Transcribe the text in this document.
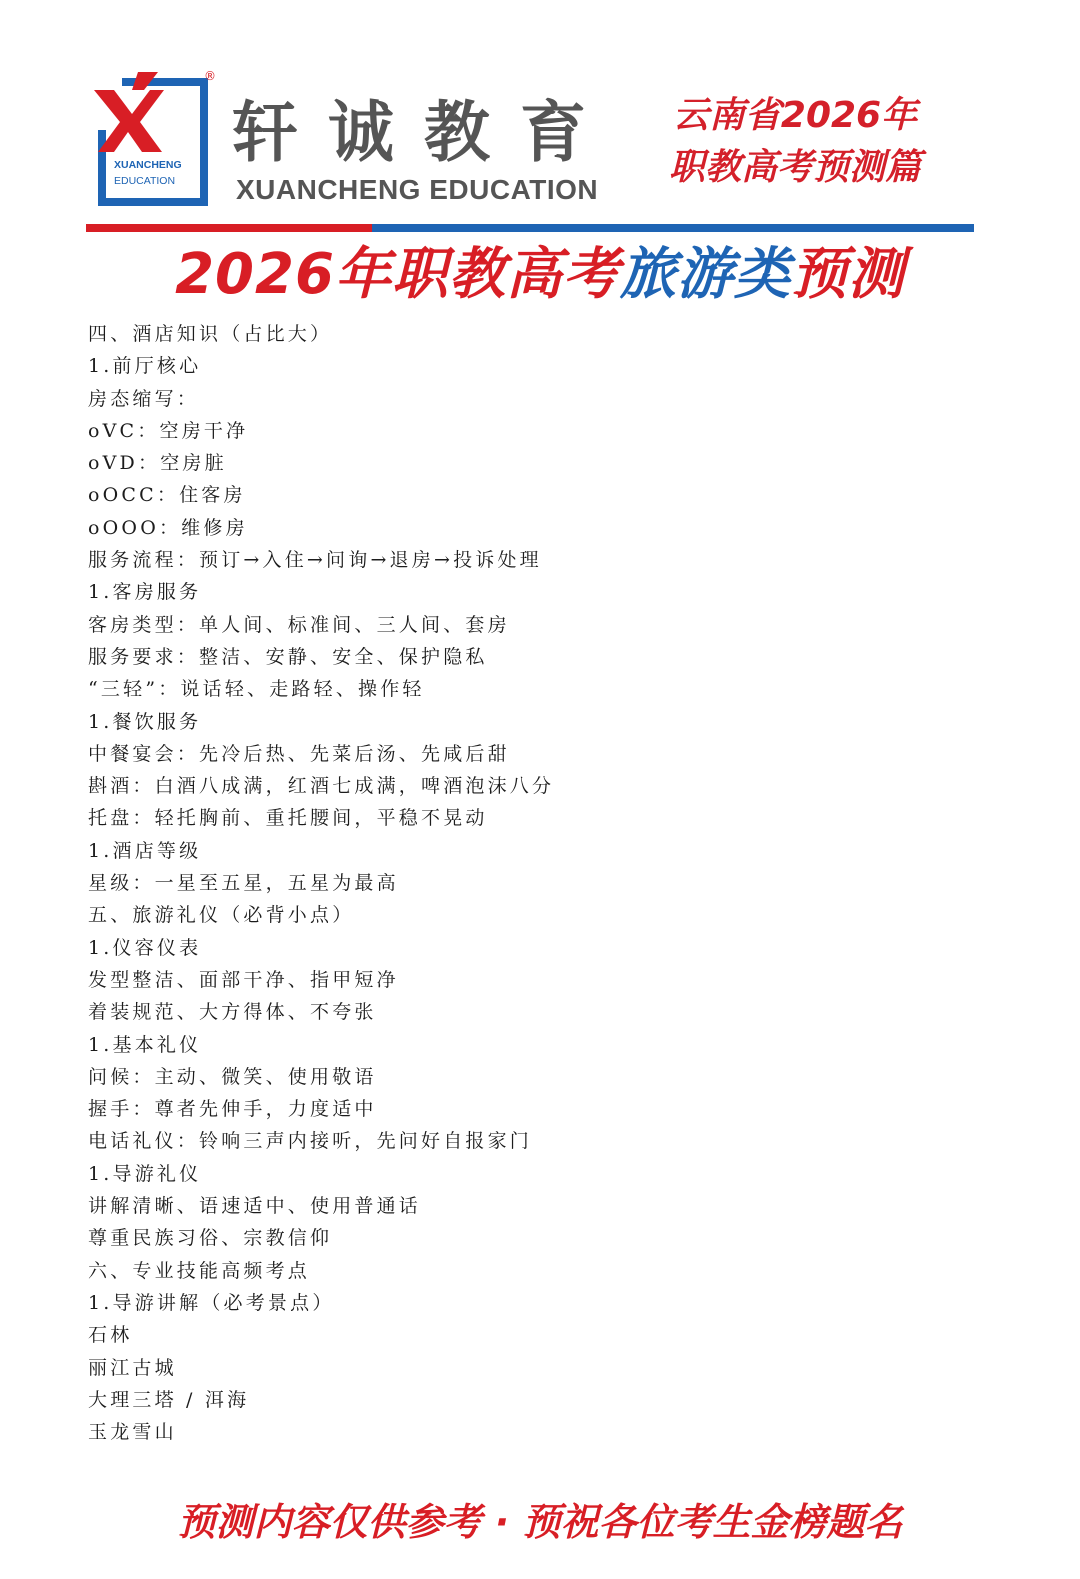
XUANCHENG
EDUCATION
®
轩诚教育
XUANCHENG EDUCATION
云南省2026年
职教高考预测篇
2026年职教高考旅游类预测
四、酒店知识（占比大）
1.前厅核心
房态缩写：
oVC：空房干净
oVD：空房脏
oOCC：住客房
oOOO：维修房
服务流程：预订→入住→问询→退房→投诉处理
1.客房服务
客房类型：单人间、标准间、三人间、套房
服务要求：整洁、安静、安全、保护隐私
“三轻”：说话轻、走路轻、操作轻
1.餐饮服务
中餐宴会：先冷后热、先菜后汤、先咸后甜
斟酒：白酒八成满，红酒七成满，啤酒泡沫八分
托盘：轻托胸前、重托腰间，平稳不晃动
1.酒店等级
星级：一星至五星，五星为最高
五、旅游礼仪（必背小点）
1.仪容仪表
发型整洁、面部干净、指甲短净
着装规范、大方得体、不夸张
1.基本礼仪
问候：主动、微笑、使用敬语
握手：尊者先伸手，力度适中
电话礼仪：铃响三声内接听，先问好自报家门
1.导游礼仪
讲解清晰、语速适中、使用普通话
尊重民族习俗、宗教信仰
六、专业技能高频考点
1.导游讲解（必考景点）
石林
丽江古城
大理三塔 / 洱海
玉龙雪山
预测内容仅供参考 · 预祝各位考生金榜题名
